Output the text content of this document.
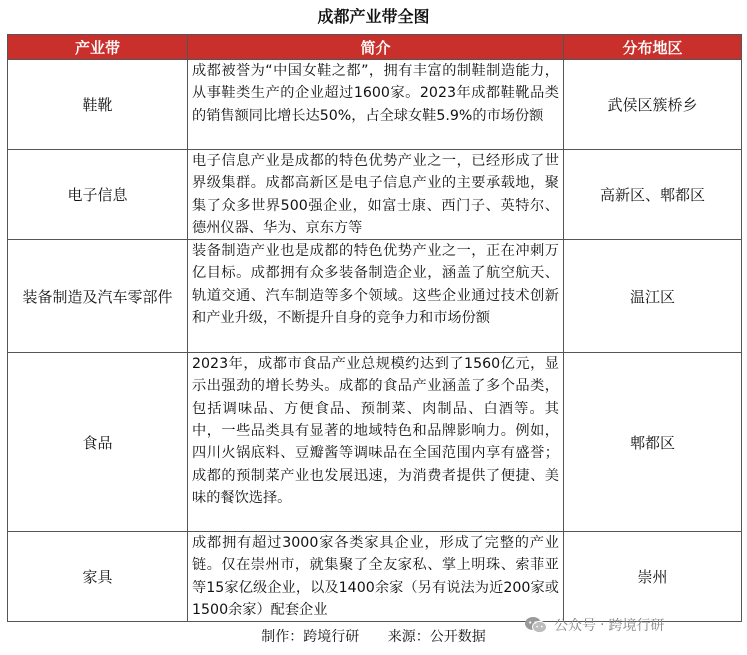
成都产业带全图
产业带	简介	分布地区
鞋靴	成都被誉为“中国女鞋之都”，拥有丰富的制鞋制造能力，从事鞋类生产的企业超过1600家。2023年成都鞋靴品类的销售额同比增长达50%，占全球女鞋5.9%的市场份额	武侯区簇桥乡
电子信息	电子信息产业是成都的特色优势产业之一，已经形成了世界级集群。成都高新区是电子信息产业的主要承载地，聚集了众多世界500强企业，如富士康、西门子、英特尔、德州仪器、华为、京东方等	高新区、郫都区
装备制造及汽车零部件	装备制造产业也是成都的特色优势产业之一，正在冲刺万亿目标。成都拥有众多装备制造企业，涵盖了航空航天、轨道交通、汽车制造等多个领域。这些企业通过技术创新和产业升级，不断提升自身的竞争力和市场份额	温江区
食品	2023年，成都市食品产业总规模约达到了1560亿元，显示出强劲的增长势头。成都的食品产业涵盖了多个品类，包括调味品、方便食品、预制菜、肉制品、白酒等。其中，一些品类具有显著的地域特色和品牌影响力。例如，四川火锅底料、豆瓣酱等调味品在全国范围内享有盛誉；成都的预制菜产业也发展迅速，为消费者提供了便捷、美味的餐饮选择。	郫都区
家具	成都拥有超过3000家各类家具企业，形成了完整的产业链。仅在崇州市，就集聚了全友家私、掌上明珠、索菲亚等15家亿级企业，以及1400余家（另有说法为近200家或1500余家）配套企业	崇州
制作：跨境行研 来源：公开数据
公众号 · 跨境行研
